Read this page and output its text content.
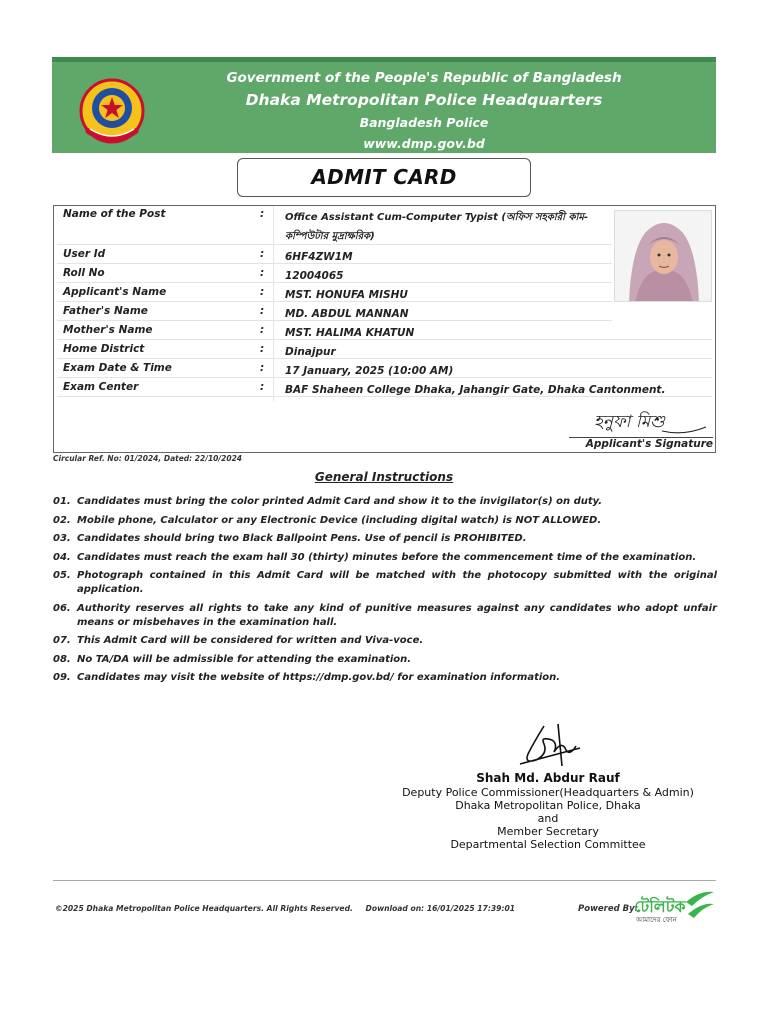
Government of the People's Republic of Bangladesh
Dhaka Metropolitan Police Headquarters
Bangladesh Police
www.dmp.gov.bd
ADMIT CARD
Name of the Post	: Office Assistant Cum-Computer Typist (অফিস সহকারী কাম-কম্পিউটার মুদ্রাক্ষরিক)
User Id	: 6HF4ZW1M
Roll No	: 12004065
Applicant's Name	: MST. HONUFA MISHU
Father's Name	: MD. ABDUL MANNAN
Mother's Name	: MST. HALIMA KHATUN
Home District	: Dinajpur
Exam Date & Time	: 17 January, 2025 (10:00 AM)
Exam Center	: BAF Shaheen College Dhaka, Jahangir Gate, Dhaka Cantonment.
হনুফা মিশু
Applicant's Signature
Circular Ref. No: 01/2024, Dated: 22/10/2024
General Instructions
01. Candidates must bring the color printed Admit Card and show it to the invigilator(s) on duty.
02. Mobile phone, Calculator or any Electronic Device (including digital watch) is NOT ALLOWED.
03. Candidates should bring two Black Ballpoint Pens. Use of pencil is PROHIBITED.
04. Candidates must reach the exam hall 30 (thirty) minutes before the commencement time of the examination.
05. Photograph contained in this Admit Card will be matched with the photocopy submitted with the original application.
06. Authority reserves all rights to take any kind of punitive measures against any candidates who adopt unfair means or misbehaves in the examination hall.
07. This Admit Card will be considered for written and Viva-voce.
08. No TA/DA will be admissible for attending the examination.
09. Candidates may visit the website of https://dmp.gov.bd/ for examination information.
Shah Md. Abdur Rauf
Deputy Police Commissioner(Headquarters & Admin)
Dhaka Metropolitan Police, Dhaka
and
Member Secretary
Departmental Selection Committee
©2025 Dhaka Metropolitan Police Headquarters. All Rights Reserved. Download on: 16/01/2025 17:39:01	Powered By:
টেলিটক
আমাদের ফোন
